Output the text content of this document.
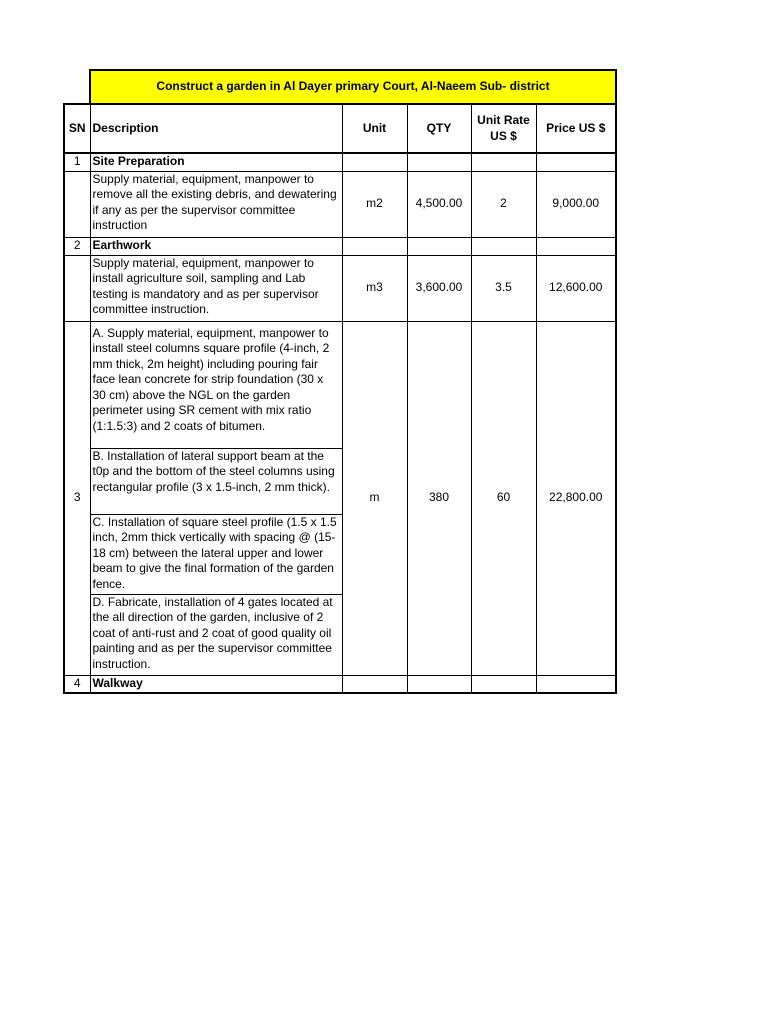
	Construct a garden in Al Dayer primary Court, Al-Naeem Sub- district				
SN	Description	Unit	QTY	Unit Rate US $	Price US $
1	Site Preparation				
	Supply material, equipment, manpower to remove all the existing debris, and dewatering if any as per the supervisor committee instruction	m2	4,500.00	2	9,000.00
2	Earthwork				
	Supply material, equipment, manpower to install agriculture soil, sampling and Lab testing is mandatory and as per supervisor committee instruction.	m3	3,600.00	3.5	12,600.00
3	A. Supply material, equipment, manpower to install steel columns square profile (4-inch, 2 mm thick, 2m height) including pouring fair face lean concrete for strip foundation (30 x 30 cm) above the NGL on the garden perimeter using SR cement with mix ratio (1:1.5:3) and 2 coats of bitumen.	m	380	60	22,800.00
	B. Installation of lateral support beam at the t0p and the bottom of the steel columns using rectangular profile (3 x 1.5-inch, 2 mm thick).				
	C. Installation of square steel profile (1.5 x 1.5 inch, 2mm thick vertically with spacing @ (15-18 cm) between the lateral upper and lower beam to give the final formation of the garden fence.				
	D. Fabricate, installation of 4 gates located at the all direction of the garden, inclusive of 2 coat of anti-rust and 2 coat of good quality oil painting and as per the supervisor committee instruction.				
4	Walkway				
